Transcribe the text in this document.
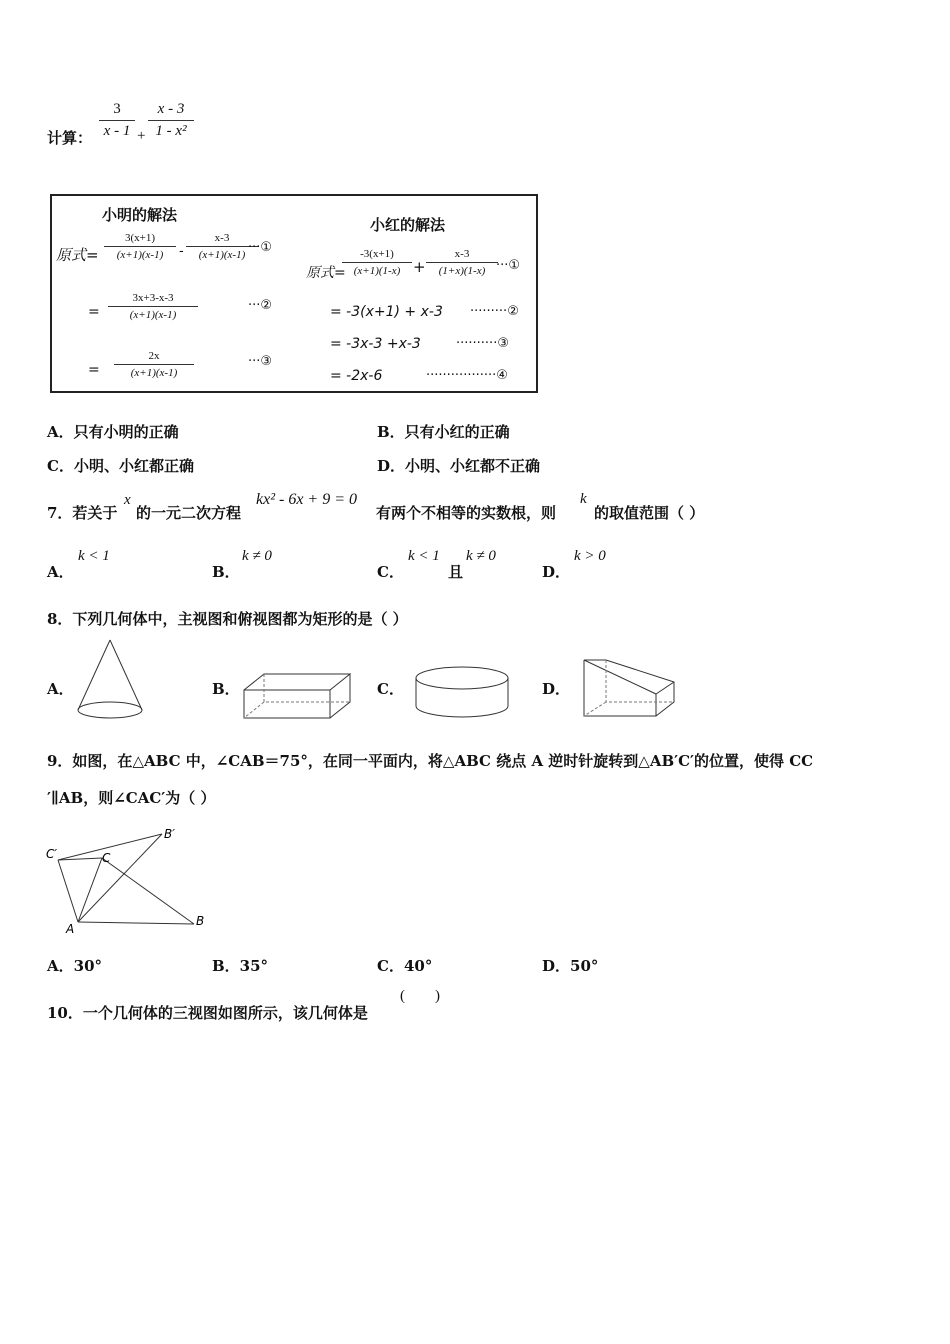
计算：
3
x - 1 +
x - 3
1 - x²
小明的解法
原式=
3(x+1)
(x+1)(x-1)	-
x-3
(x+1)(x-1) ···①
=
3x+3-x-3
(x+1)(x-1)
···②
=
2x
(x+1)(x-1)
···③
小红的解法
原式=
-3(x+1)
(x+1)(1-x) +
x-3
(1+x)(1-x) ···①
= -3(x+1) + x-3 ·········②
= -3x-3 +x-3	··········③
= -2x-6	·················④
A．只有小明的正确	B．只有小红的正确
C．小明、小红都正确	D．小明、小红都不正确
7．若关于
x
的一元二次方程
kx² - 6x + 9 = 0
有两个不相等的实数根，则
k
的取值范围（ ）
A．
k < 1
B．
k ≠ 0
C．
k < 1
且
k ≠ 0
D．
k > 0
8．下列几何体中，主视图和俯视图都为矩形的是（ ）
A．	B．	C．	D．
9．如图，在△ABC 中，∠CAB＝75°，在同一平面内，将△ABC 绕点 A 逆时针旋转到△AB′C′的位置，使得 CC
′∥AB，则∠CAC′为（ ）
C′	C
B′
A
B
A．30°	B．35°	C．40°	D．50°
10．一个几何体的三视图如图所示，该几何体是
(        )
